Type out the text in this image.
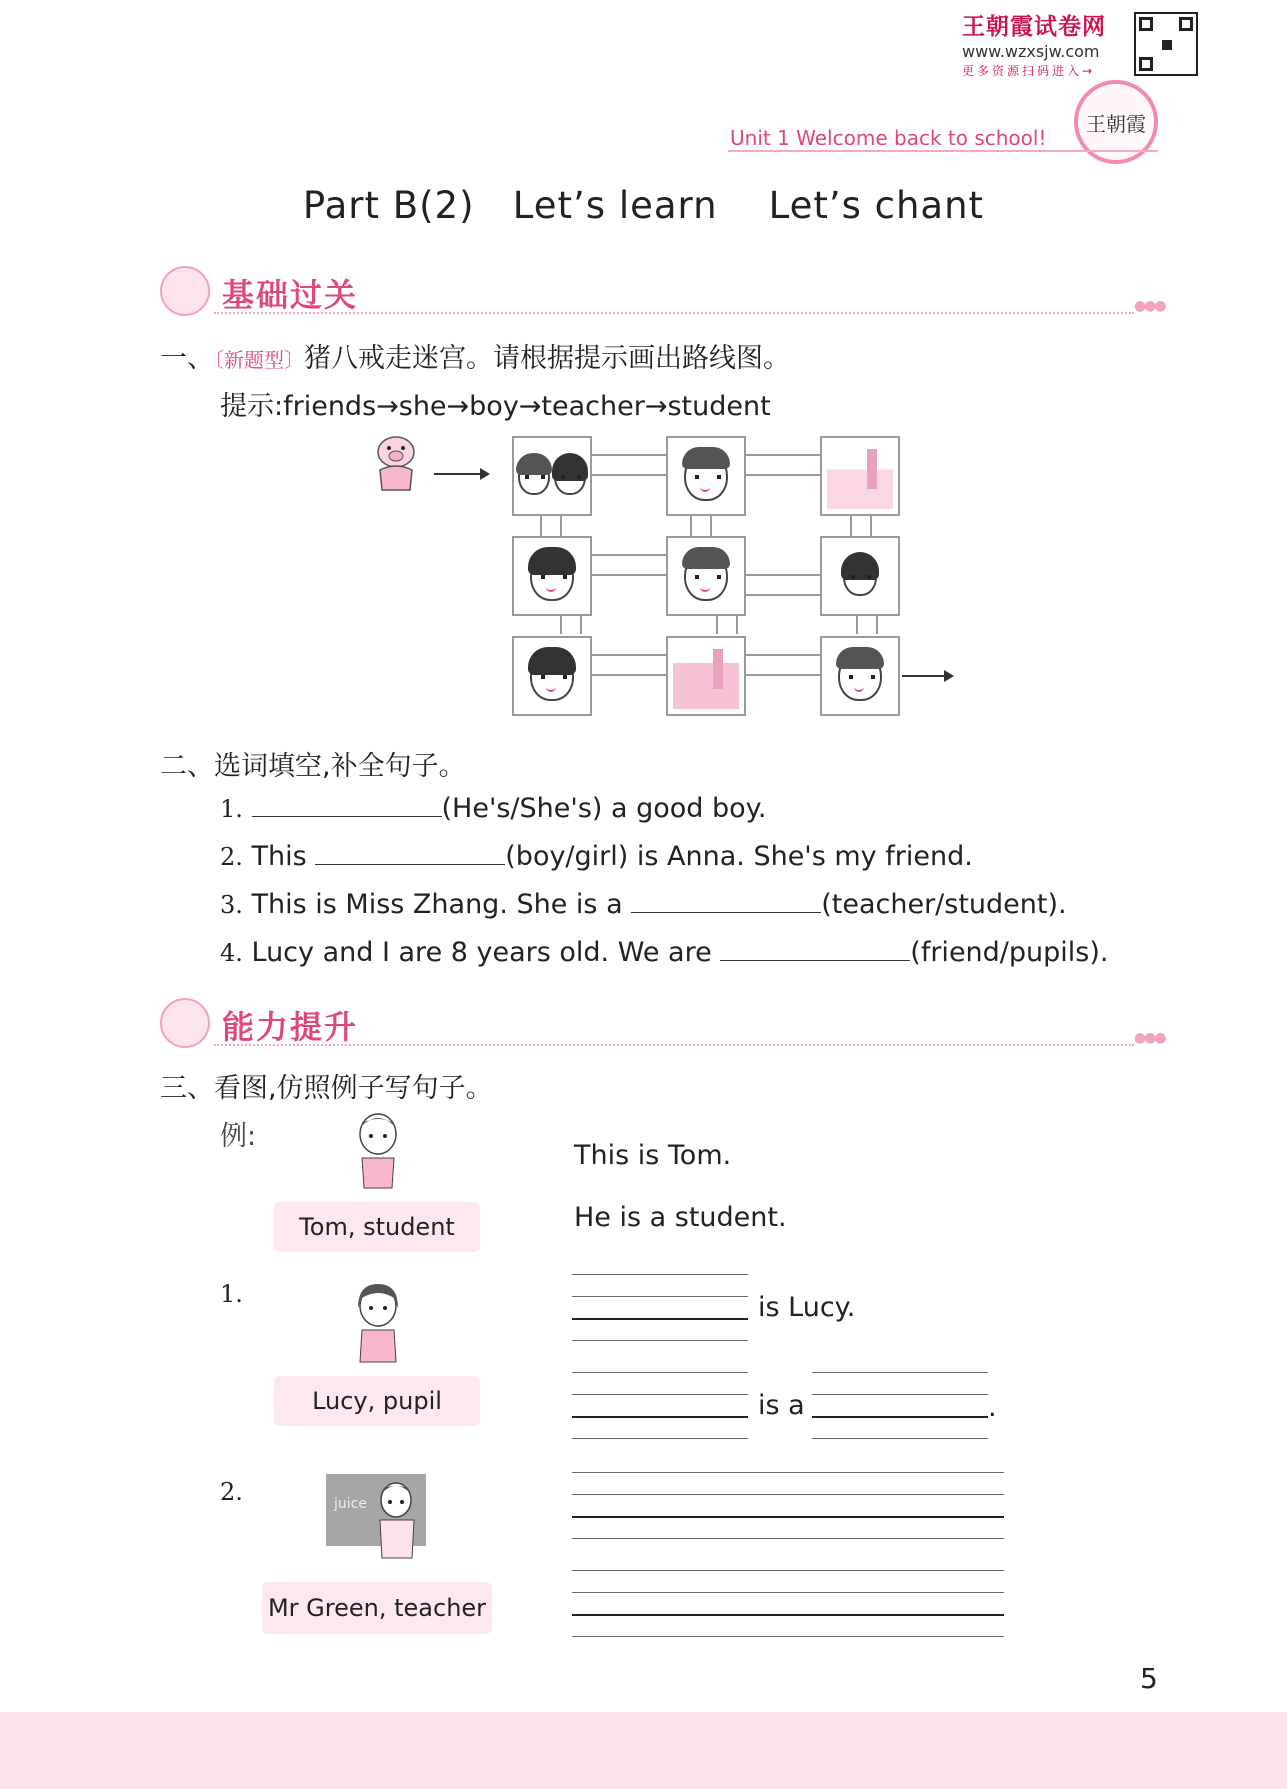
王朝霞试卷网
www.wzxsjw.com
更多资源扫码进入→
王朝霞
Unit 1 Welcome back to school!
Part B(2)   Let’s learn    Let’s chant
基础过关	●●●
一、〔新题型〕猪八戒走迷宫。请根据提示画出路线图。
提示:friends→she→boy→teacher→student
二、选词填空,补全句子。
1.	(He's/She's) a good boy.
2. This	(boy/girl) is Anna. She's my friend.
3. This is Miss Zhang. She is a	(teacher/student).
4. Lucy and I are 8 years old. We are	(friend/pupils).
能力提升	●●●
三、看图,仿照例子写句子。
例:
Tom, student
This is Tom.
He is a student.
1.
Lucy, pupil
is Lucy.
is a	.
2.	juice
Mr Green, teacher
5
